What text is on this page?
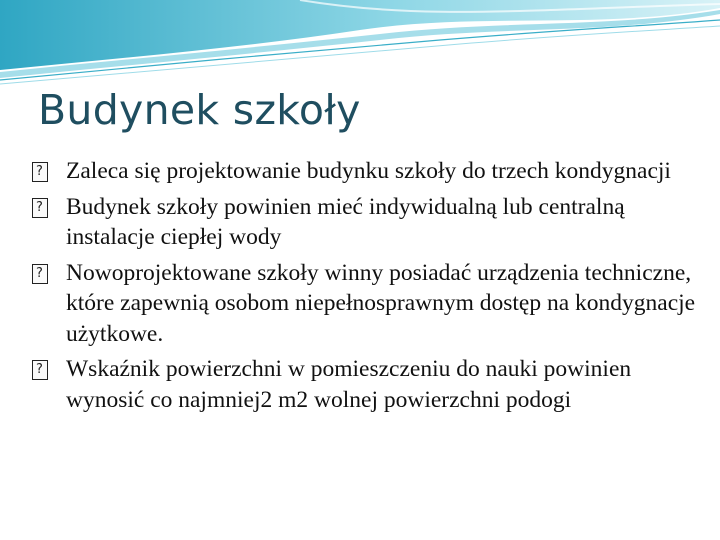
Budynek szkoły
?
Zaleca się projektowanie budynku szkoły do trzech kondygnacji
?
Budynek szkoły powinien mieć indywidualną lub centralną instalacje ciepłej wody
?
Nowoprojektowane szkoły winny posiadać urządzenia techniczne, które zapewnią osobom niepełnosprawnym dostęp na kondygnacje użytkowe.
?
Wskaźnik powierzchni w pomieszczeniu do nauki powinien wynosić co najmniej2 m2 wolnej powierzchni podogi
